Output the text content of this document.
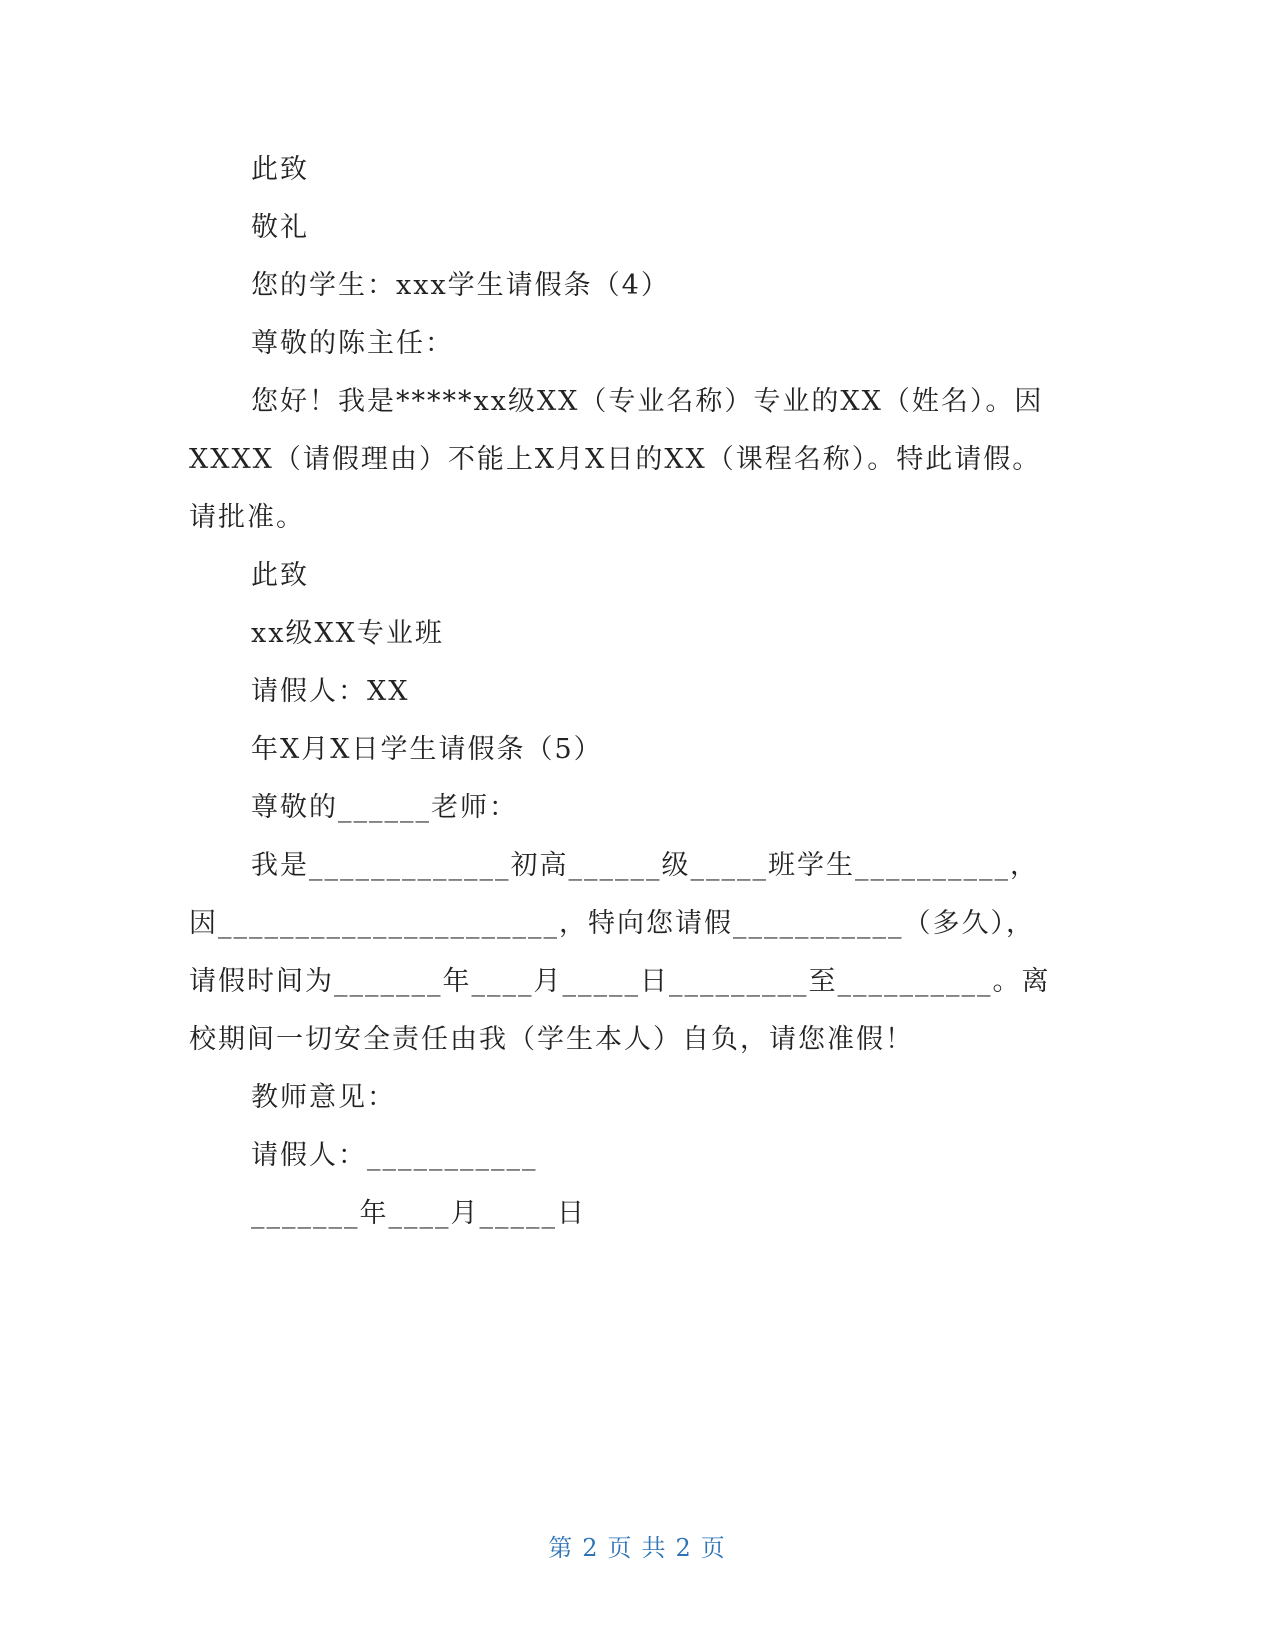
此致
敬礼
您的学生：xxx学生请假条（4）
尊敬的陈主任：
您好！我是*****xx级XX（专业名称）专业的XX（姓名）。因
XXXX（请假理由）不能上X月X日的XX（课程名称）。特此请假。
请批准。
此致
xx级XX专业班
请假人：XX
年X月X日学生请假条（5）
尊敬的______老师：
我是_____________初高______级_____班学生__________，
因______________________，特向您请假___________（多久），
请假时间为_______年____月_____日_________至__________。离
校期间一切安全责任由我（学生本人）自负，请您准假！
教师意见：
请假人：___________
_______年____月_____日
第 2 页 共 2 页
